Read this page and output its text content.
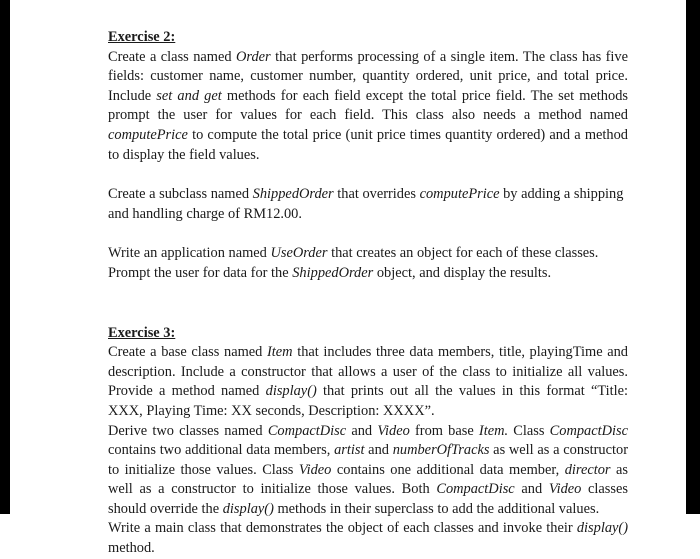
Exercise 2:

Create a class named Order that performs processing of a single item. The class has five fields: customer name, customer number, quantity ordered, unit price, and total price. Include set and get methods for each field except the total price field. The set methods prompt the user for values for each field. This class also needs a method named computePrice to compute the total price (unit price times quantity ordered) and a method to display the field values.

Create a subclass named ShippedOrder that overrides computePrice by adding a shipping and handling charge of RM12.00.

Write an application named UseOrder that creates an object for each of these classes. Prompt the user for data for the ShippedOrder object, and display the results.

Exercise 3:

Create a base class named Item that includes three data members, title, playingTime and description. Include a constructor that allows a user of the class to initialize all values. Provide a method named display() that prints out all the values in this format “Title: XXX, Playing Time: XX seconds, Description: XXXX”.

Derive two classes named CompactDisc and Video from base Item. Class CompactDisc contains two additional data members, artist and numberOfTracks as well as a constructor to initialize those values. Class Video contains one additional data member, director as well as a constructor to initialize those values. Both CompactDisc and Video classes should override the display() methods in their superclass to add the additional values.

Write a main class that demonstrates the object of each classes and invoke their display() method.
